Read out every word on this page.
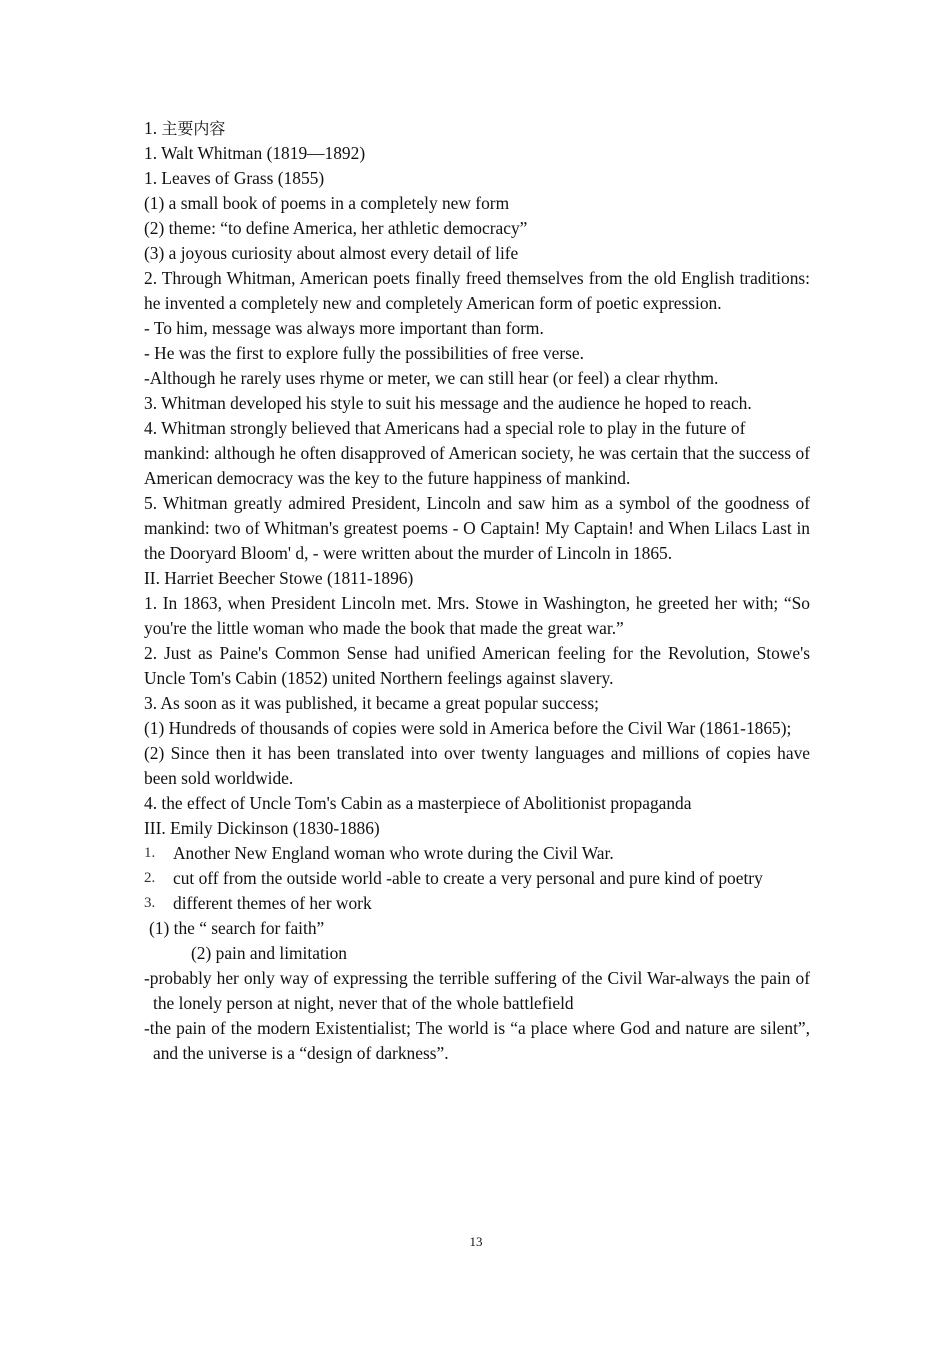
1. 主要内容

1. Walt Whitman (1819—1892)

1. Leaves of Grass (1855)

(1) a small book of poems in a completely new form

(2) theme: “to define America, her athletic democracy”

(3) a joyous curiosity about almost every detail of life

2. Through Whitman, American poets finally freed themselves from the old English traditions: he invented a completely new and completely American form of poetic expression.

- To him, message was always more important than form.

- He was the first to explore fully the possibilities of free verse.

-Although he rarely uses rhyme or meter, we can still hear (or feel) a clear rhythm.

3. Whitman developed his style to suit his message and the audience he hoped to reach.

4. Whitman strongly believed that Americans had a special role to play in the future of

mankind: although he often disapproved of American society, he was certain that the success of American democracy was the key to the future happiness of mankind.

5. Whitman greatly admired President, Lincoln and saw him as a symbol of the goodness of mankind: two of Whitman's greatest poems - O Captain! My Captain! and When Lilacs Last in the Dooryard Bloom' d, - were written about the murder of Lincoln in 1865.

II. Harriet Beecher Stowe (1811-1896)

1. In 1863, when President Lincoln met. Mrs. Stowe in Washington, he greeted her with; “So you're the little woman who made the book that made the great war.”

2. Just as Paine's Common Sense had unified American feeling for the Revolution, Stowe's Uncle Tom's Cabin (1852) united Northern feelings against slavery.

3. As soon as it was published, it became a great popular success;

(1) Hundreds of thousands of copies were sold in America before the Civil War (1861-1865);

(2) Since then it has been translated into over twenty languages and millions of copies have been sold worldwide.

4. the effect of Uncle Tom's Cabin as a masterpiece of Abolitionist propaganda

III. Emily Dickinson (1830-1886)

1.	Another New England woman who wrote during the Civil War.
2.	cut off from the outside world -able to create a very personal and pure kind of poetry
3.	different themes of her work

(1) the “ search for faith”

(2) pain and limitation

-probably her only way of expressing the terrible suffering of the Civil War-always the pain of the lonely person at night, never that of the whole battlefield

-the pain of the modern Existentialist; The world is “a place where God and nature are silent”, and the universe is a “design of darkness”.

13
